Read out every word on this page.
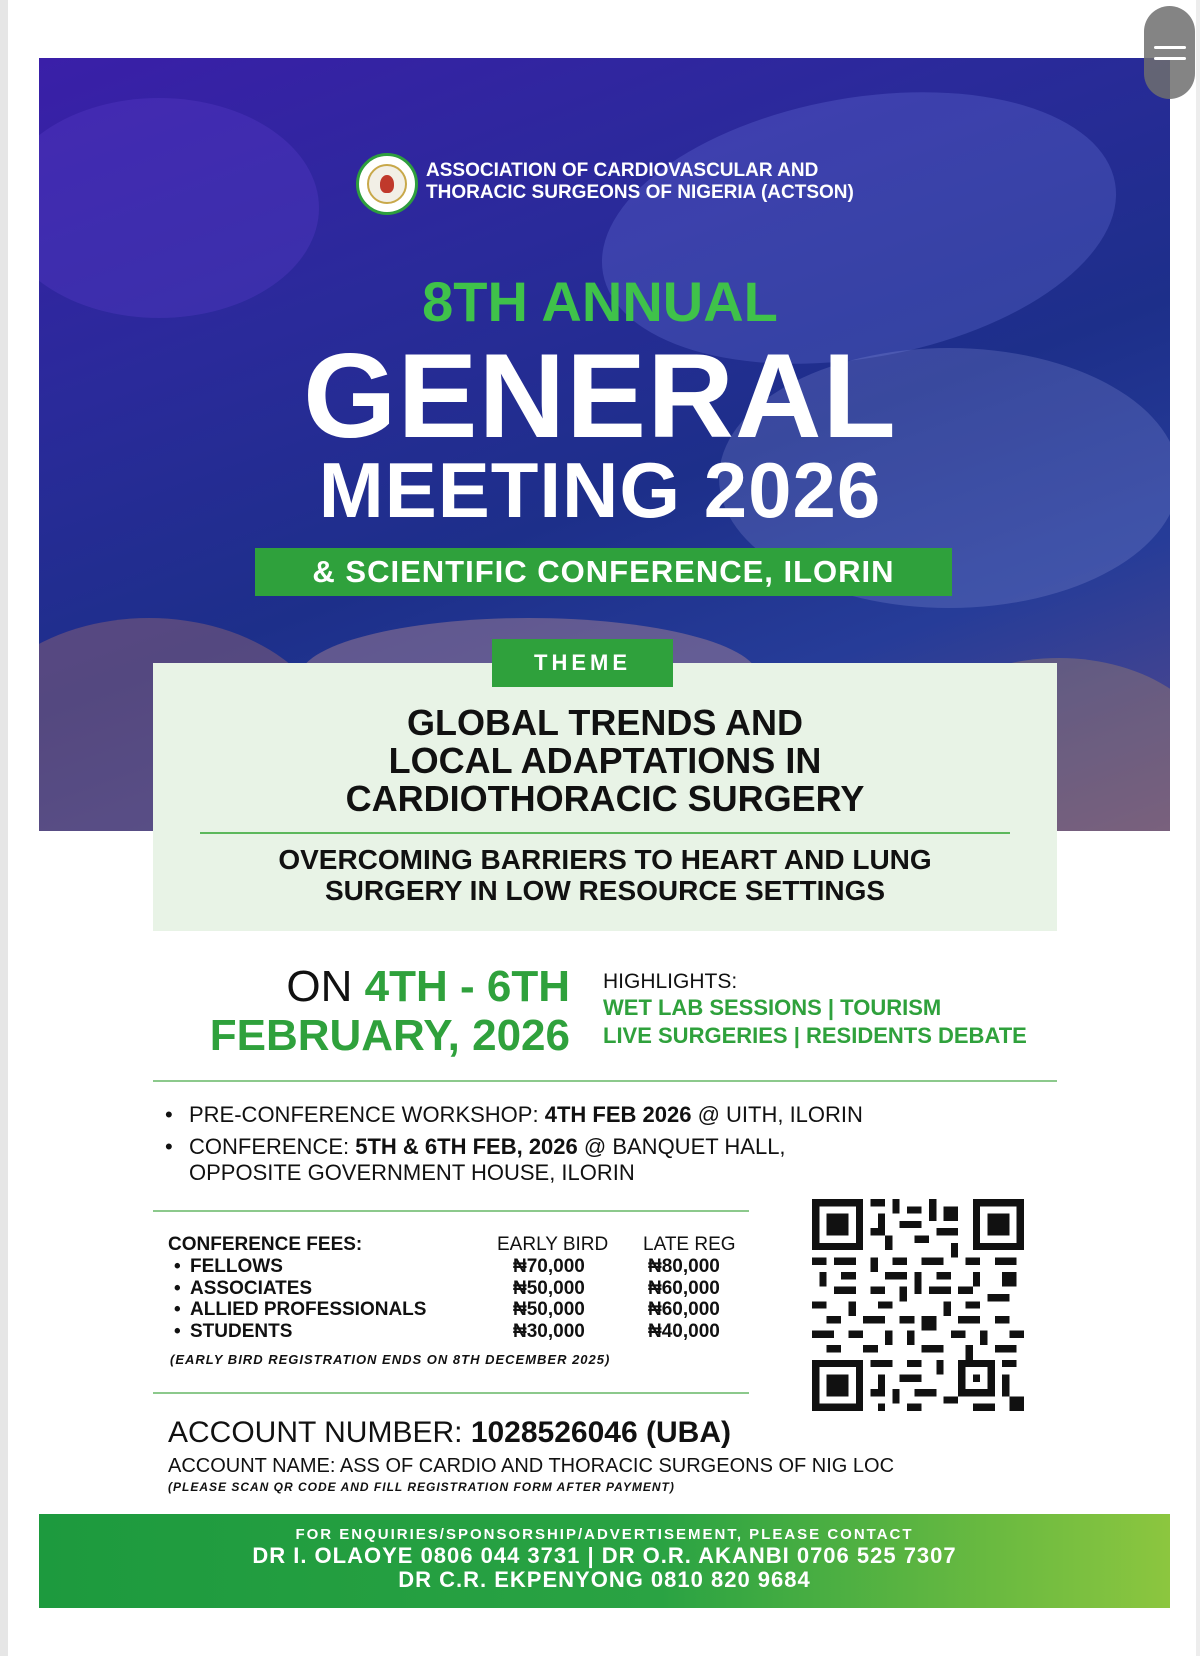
ASSOCIATION OF CARDIOVASCULAR AND
THORACIC SURGEONS OF NIGERIA (ACTSON)
8TH ANNUAL
GENERAL
MEETING 2026
& SCIENTIFIC CONFERENCE, ILORIN
THEME
GLOBAL TRENDS AND
LOCAL ADAPTATIONS IN
CARDIOTHORACIC SURGERY
OVERCOMING BARRIERS TO HEART AND LUNG
SURGERY IN LOW RESOURCE SETTINGS
ON 4TH - 6TH
FEBRUARY, 2026
HIGHLIGHTS:
WET LAB SESSIONS | TOURISM
LIVE SURGERIES | RESIDENTS DEBATE
• PRE-CONFERENCE WORKSHOP: 4TH FEB 2026 @ UITH, ILORIN
• CONFERENCE: 5TH & 6TH FEB, 2026 @ BANQUET HALL,
OPPOSITE GOVERNMENT HOUSE, ILORIN
CONFERENCE FEES:
• FELLOWS
• ASSOCIATES
• ALLIED PROFESSIONALS
• STUDENTS
EARLY BIRD LATE REG
₦70,000
₦50,000
₦50,000
₦30,000
₦80,000
₦60,000
₦60,000
₦40,000
(EARLY BIRD REGISTRATION ENDS ON 8TH DECEMBER 2025)
ACCOUNT NUMBER: 1028526046 (UBA)
ACCOUNT NAME: ASS OF CARDIO AND THORACIC SURGEONS OF NIG LOC
(PLEASE SCAN QR CODE AND FILL REGISTRATION FORM AFTER PAYMENT)
FOR ENQUIRIES/SPONSORSHIP/ADVERTISEMENT, PLEASE CONTACT
DR I. OLAOYE 0806 044 3731 | DR O.R. AKANBI 0706 525 7307
DR C.R. EKPENYONG 0810 820 9684
